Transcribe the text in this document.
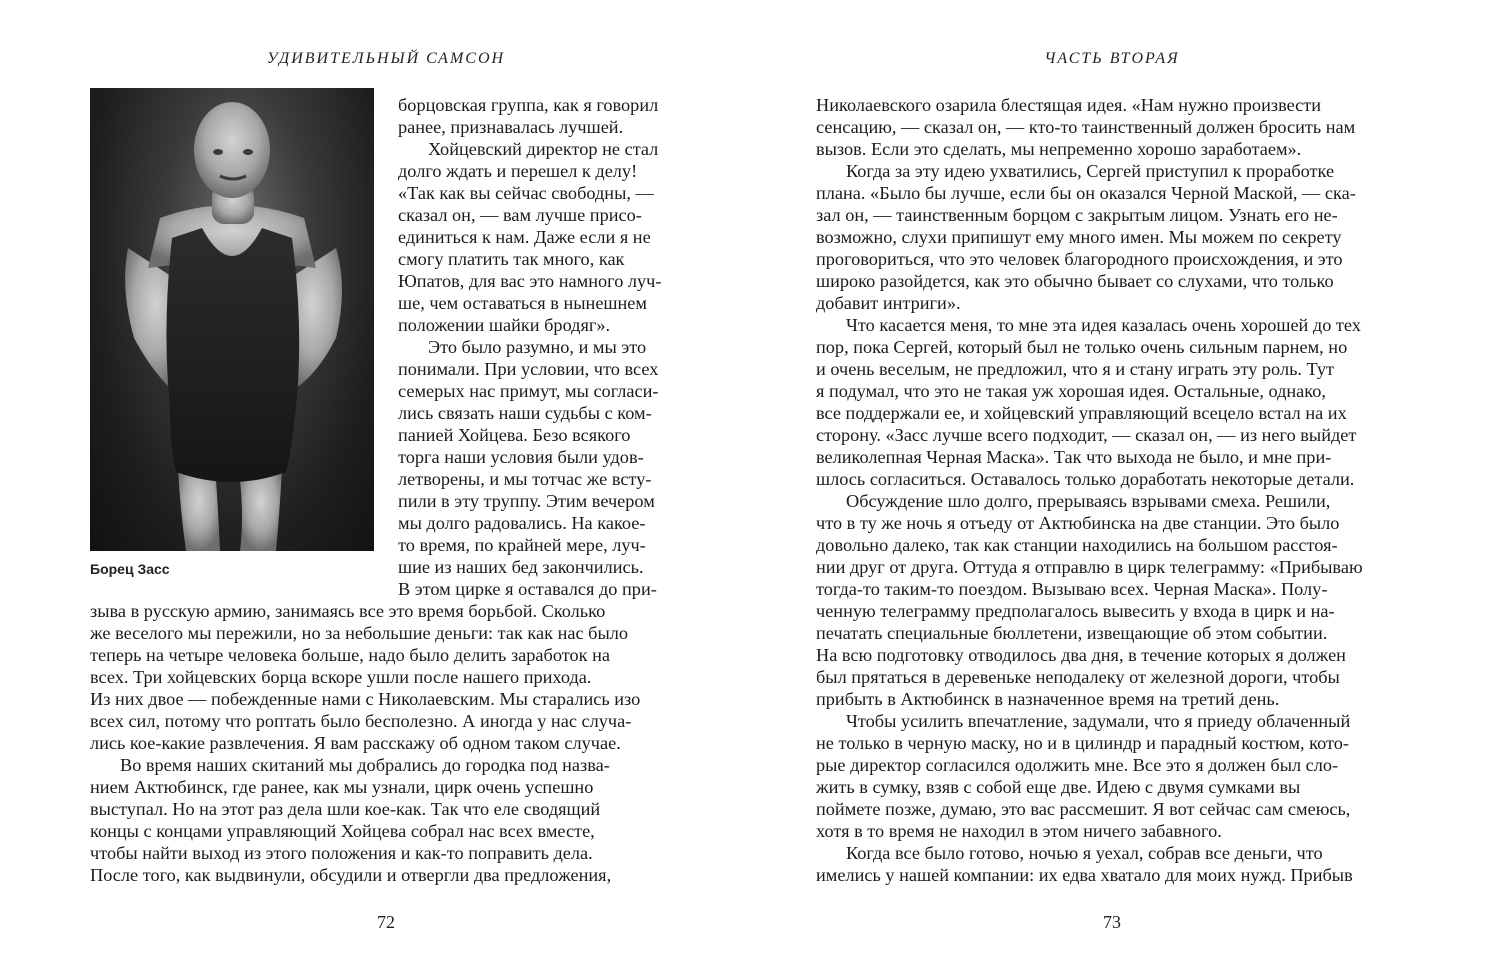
УДИВИТЕЛЬНЫЙ САМСОН
Борец Засс
борцовская группа, как я говорил
ранее, признавалась лучшей.
Хойцевский директор не стал
долго ждать и перешел к делу!
«Так как вы сейчас свободны, —
сказал он, — вам лучше присо-
единиться к нам. Даже если я не
смогу платить так много, как
Юпатов, для вас это намного луч-
ше, чем оставаться в нынешнем
положении шайки бродяг».
Это было разумно, и мы это
понимали. При условии, что всех
семерых нас примут, мы согласи-
лись связать наши судьбы с ком-
панией Хойцева. Безо всякого
торга наши условия были удов-
летворены, и мы тотчас же всту-
пили в эту труппу. Этим вечером
мы долго радовались. На какое-
то время, по крайней мере, луч-
шие из наших бед закончились.
В этом цирке я оставался до при-
зыва в русскую армию, занимаясь все это время борьбой. Сколько
же веселого мы пережили, но за небольшие деньги: так как нас было
теперь на четыре человека больше, надо было делить заработок на
всех. Три хойцевских борца вскоре ушли после нашего прихода.
Из них двое — побежденные нами с Николаевским. Мы старались изо
всех сил, потому что роптать было бесполезно. А иногда у нас случа-
лись кое-какие развлечения. Я вам расскажу об одном таком случае.
Во время наших скитаний мы добрались до городка под назва-
нием Актюбинск, где ранее, как мы узнали, цирк очень успешно
выступал. Но на этот раз дела шли кое-как. Так что еле сводящий
концы с концами управляющий Хойцева собрал нас всех вместе,
чтобы найти выход из этого положения и как-то поправить дела.
После того, как выдвинули, обсудили и отвергли два предложения,
72
ЧАСТЬ ВТОРАЯ
Николаевского озарила блестящая идея. «Нам нужно произвести
сенсацию, — сказал он, — кто-то таинственный должен бросить нам
вызов. Если это сделать, мы непременно хорошо заработаем».
Когда за эту идею ухватились, Сергей приступил к проработке
плана. «Было бы лучше, если бы он оказался Черной Маской, — ска-
зал он, — таинственным борцом с закрытым лицом. Узнать его не-
возможно, слухи припишут ему много имен. Мы можем по секрету
проговориться, что это человек благородного происхождения, и это
широко разойдется, как это обычно бывает со слухами, что только
добавит интриги».
Что касается меня, то мне эта идея казалась очень хорошей до тех
пор, пока Сергей, который был не только очень сильным парнем, но
и очень веселым, не предложил, что я и стану играть эту роль. Тут
я подумал, что это не такая уж хорошая идея. Остальные, однако,
все поддержали ее, и хойцевский управляющий всецело встал на их
сторону. «Засс лучше всего подходит, — сказал он, — из него выйдет
великолепная Черная Маска». Так что выхода не было, и мне при-
шлось согласиться. Оставалось только доработать некоторые детали.
Обсуждение шло долго, прерываясь взрывами смеха. Решили,
что в ту же ночь я отъеду от Актюбинска на две станции. Это было
довольно далеко, так как станции находились на большом расстоя-
нии друг от друга. Оттуда я отправлю в цирк телеграмму: «Прибываю
тогда-то таким-то поездом. Вызываю всех. Черная Маска». Полу-
ченную телеграмму предполагалось вывесить у входа в цирк и на-
печатать специальные бюллетени, извещающие об этом событии.
На всю подготовку отводилось два дня, в течение которых я должен
был прятаться в деревеньке неподалеку от железной дороги, чтобы
прибыть в Актюбинск в назначенное время на третий день.
Чтобы усилить впечатление, задумали, что я приеду облаченный
не только в черную маску, но и в цилиндр и парадный костюм, кото-
рые директор согласился одолжить мне. Все это я должен был сло-
жить в сумку, взяв с собой еще две. Идею с двумя сумками вы
поймете позже, думаю, это вас рассмешит. Я вот сейчас сам смеюсь,
хотя в то время не находил в этом ничего забавного.
Когда все было готово, ночью я уехал, собрав все деньги, что
имелись у нашей компании: их едва хватало для моих нужд. Прибыв
73
